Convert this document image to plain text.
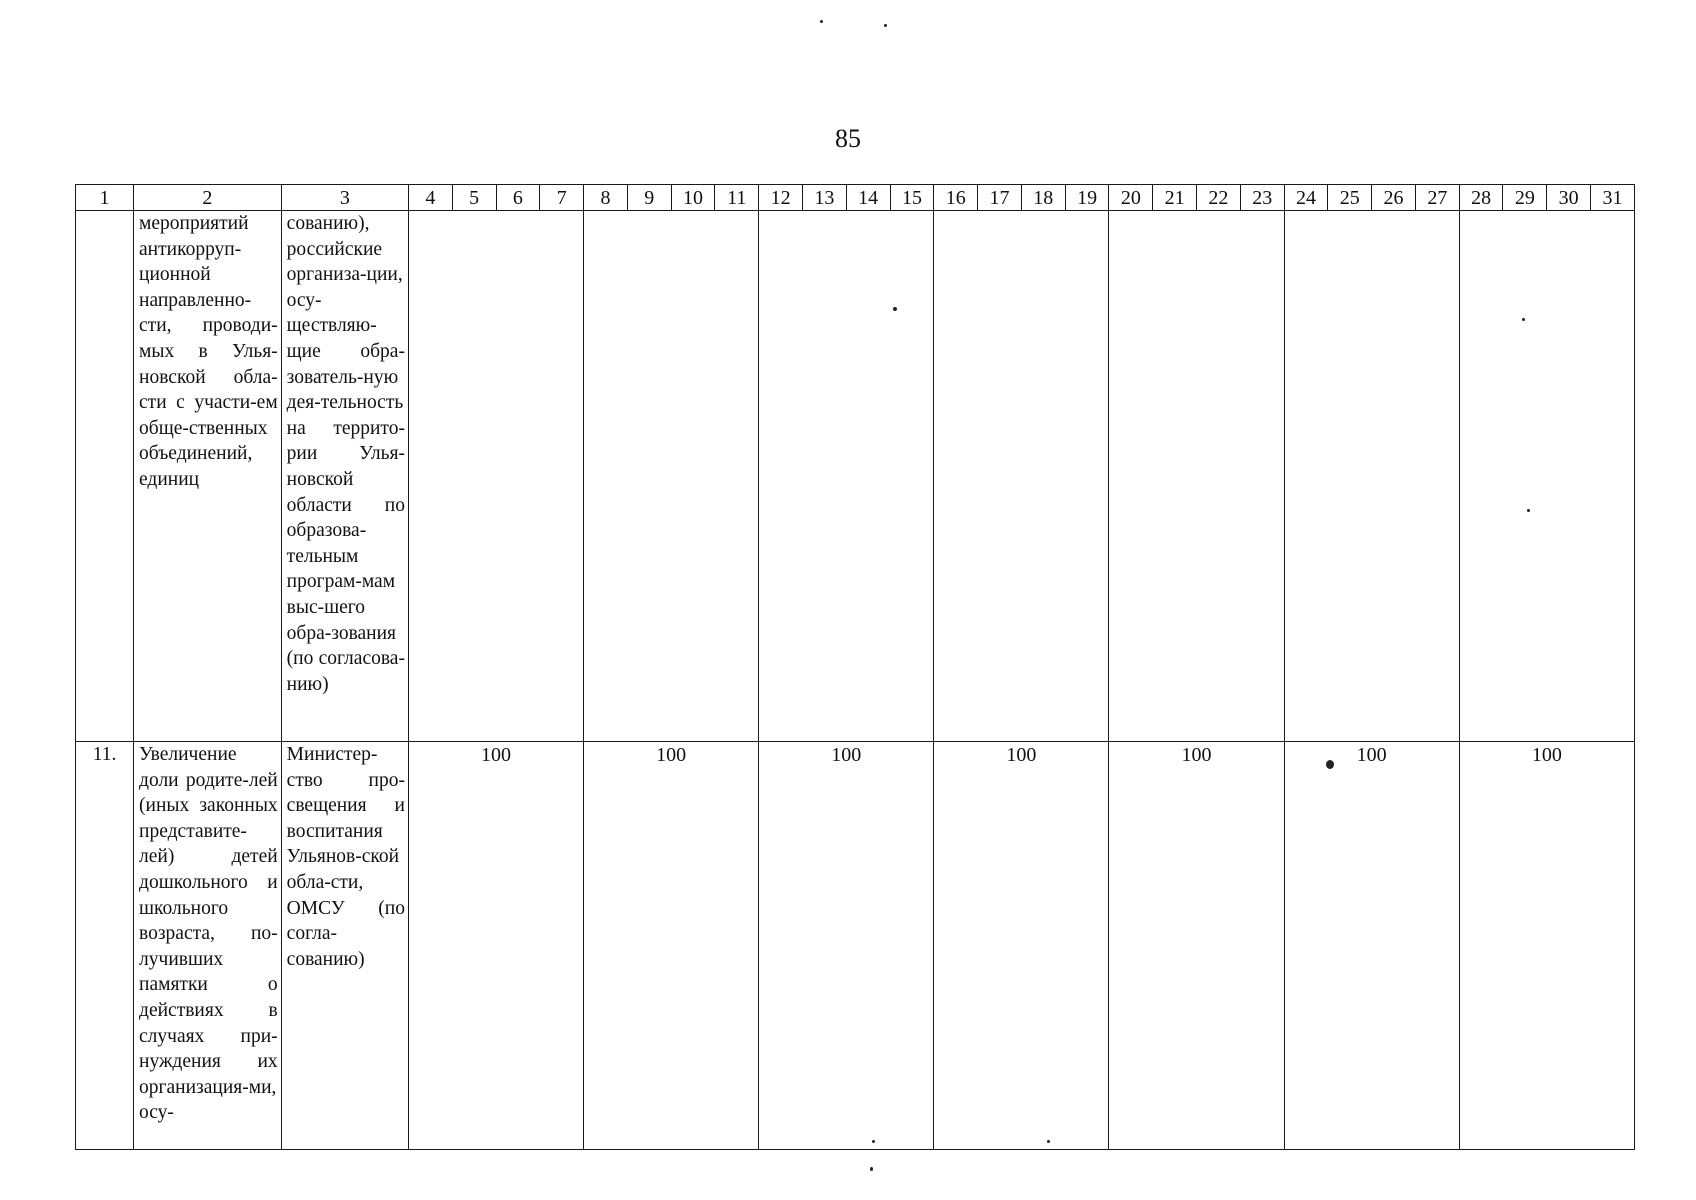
85
1	2	3	4	5	6	7	8	9	10	11	12	13	14	15	16	17	18	19	20	21	22	23	24	25	26	27	28	29	30	31

	мероприятий антикорруп-ционной направленно-сти, проводи-мых в Улья-новской обла-сти с участи-ем обще-ственных объединений, единиц	сованию), российские организа-ции, осу-ществляю-щие обра-зователь-ную дея-тельность на террито-рии Улья-новской области по образова-тельным програм-мам выс-шего обра-зования (по согласова-нию)																												

11.	Увеличение доли родите-лей (иных законных представите-лей) детей дошкольного и школьного возраста, по-лучивших памятки о действиях в случаях при-нуждения их организация-ми, осу-	Министер-ство про-свещения и воспитания Ульянов-ской обла-сти, ОМСУ (по согла-сованию)	100				100				100				100				100				100				100			
